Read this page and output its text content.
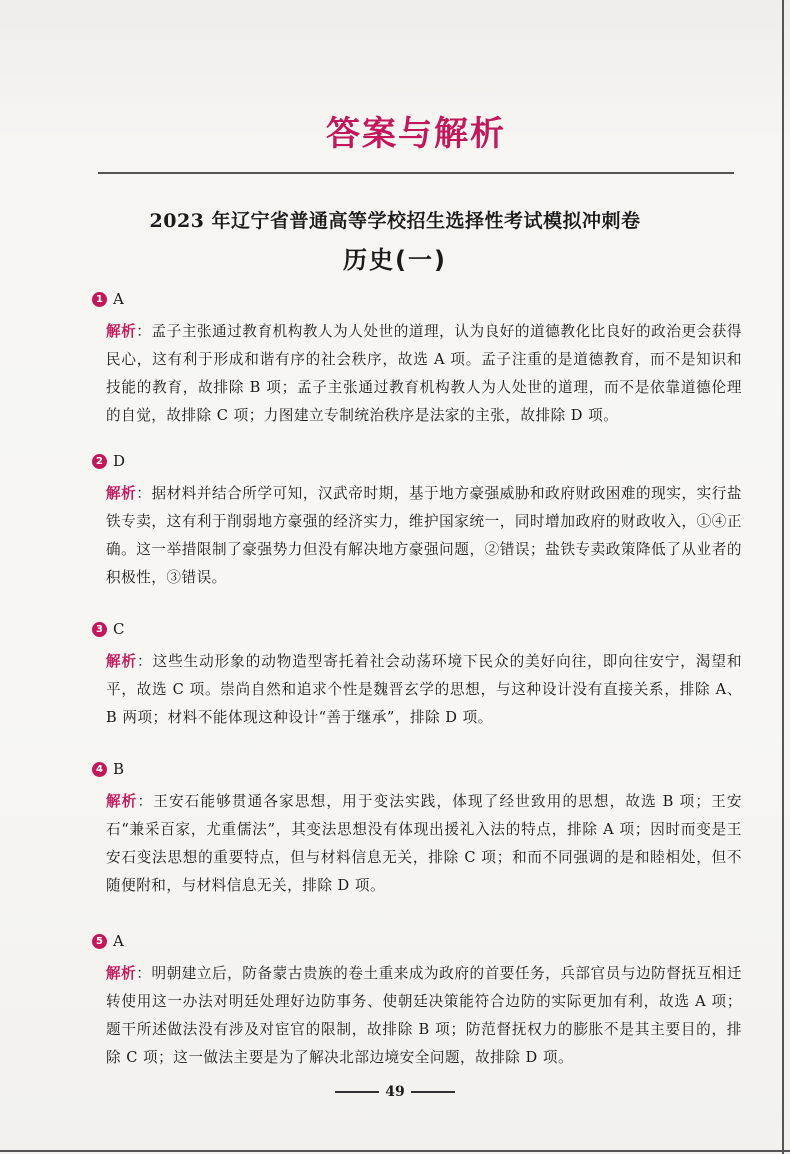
答案与解析
2023 年辽宁省普通高等学校招生选择性考试模拟冲刺卷
历史(一)
1 A
解析：孟子主张通过教育机构教人为人处世的道理，认为良好的道德教化比良好的政治更会获得民心，这有利于形成和谐有序的社会秩序，故选 A 项。孟子注重的是道德教育，而不是知识和技能的教育，故排除 B 项；孟子主张通过教育机构教人为人处世的道理，而不是依靠道德伦理的自觉，故排除 C 项；力图建立专制统治秩序是法家的主张，故排除 D 项。
2 D
解析：据材料并结合所学可知，汉武帝时期，基于地方豪强威胁和政府财政困难的现实，实行盐铁专卖，这有利于削弱地方豪强的经济实力，维护国家统一，同时增加政府的财政收入，①④正确。这一举措限制了豪强势力但没有解决地方豪强问题，②错误；盐铁专卖政策降低了从业者的积极性，③错误。
3 C
解析：这些生动形象的动物造型寄托着社会动荡环境下民众的美好向往，即向往安宁，渴望和平，故选 C 项。崇尚自然和追求个性是魏晋玄学的思想，与这种设计没有直接关系，排除 A、B 两项；材料不能体现这种设计“善于继承”，排除 D 项。
4 B
解析：王安石能够贯通各家思想，用于变法实践，体现了经世致用的思想，故选 B 项；王安石“兼采百家，尤重儒法”，其变法思想没有体现出援礼入法的特点，排除 A 项；因时而变是王安石变法思想的重要特点，但与材料信息无关，排除 C 项；和而不同强调的是和睦相处，但不随便附和，与材料信息无关，排除 D 项。
5 A
解析：明朝建立后，防备蒙古贵族的卷土重来成为政府的首要任务，兵部官员与边防督抚互相迁转使用这一办法对明廷处理好边防事务、使朝廷决策能符合边防的实际更加有利，故选 A 项；题干所述做法没有涉及对宦官的限制，故排除 B 项；防范督抚权力的膨胀不是其主要目的，排除 C 项；这一做法主要是为了解决北部边境安全问题，故排除 D 项。
49
